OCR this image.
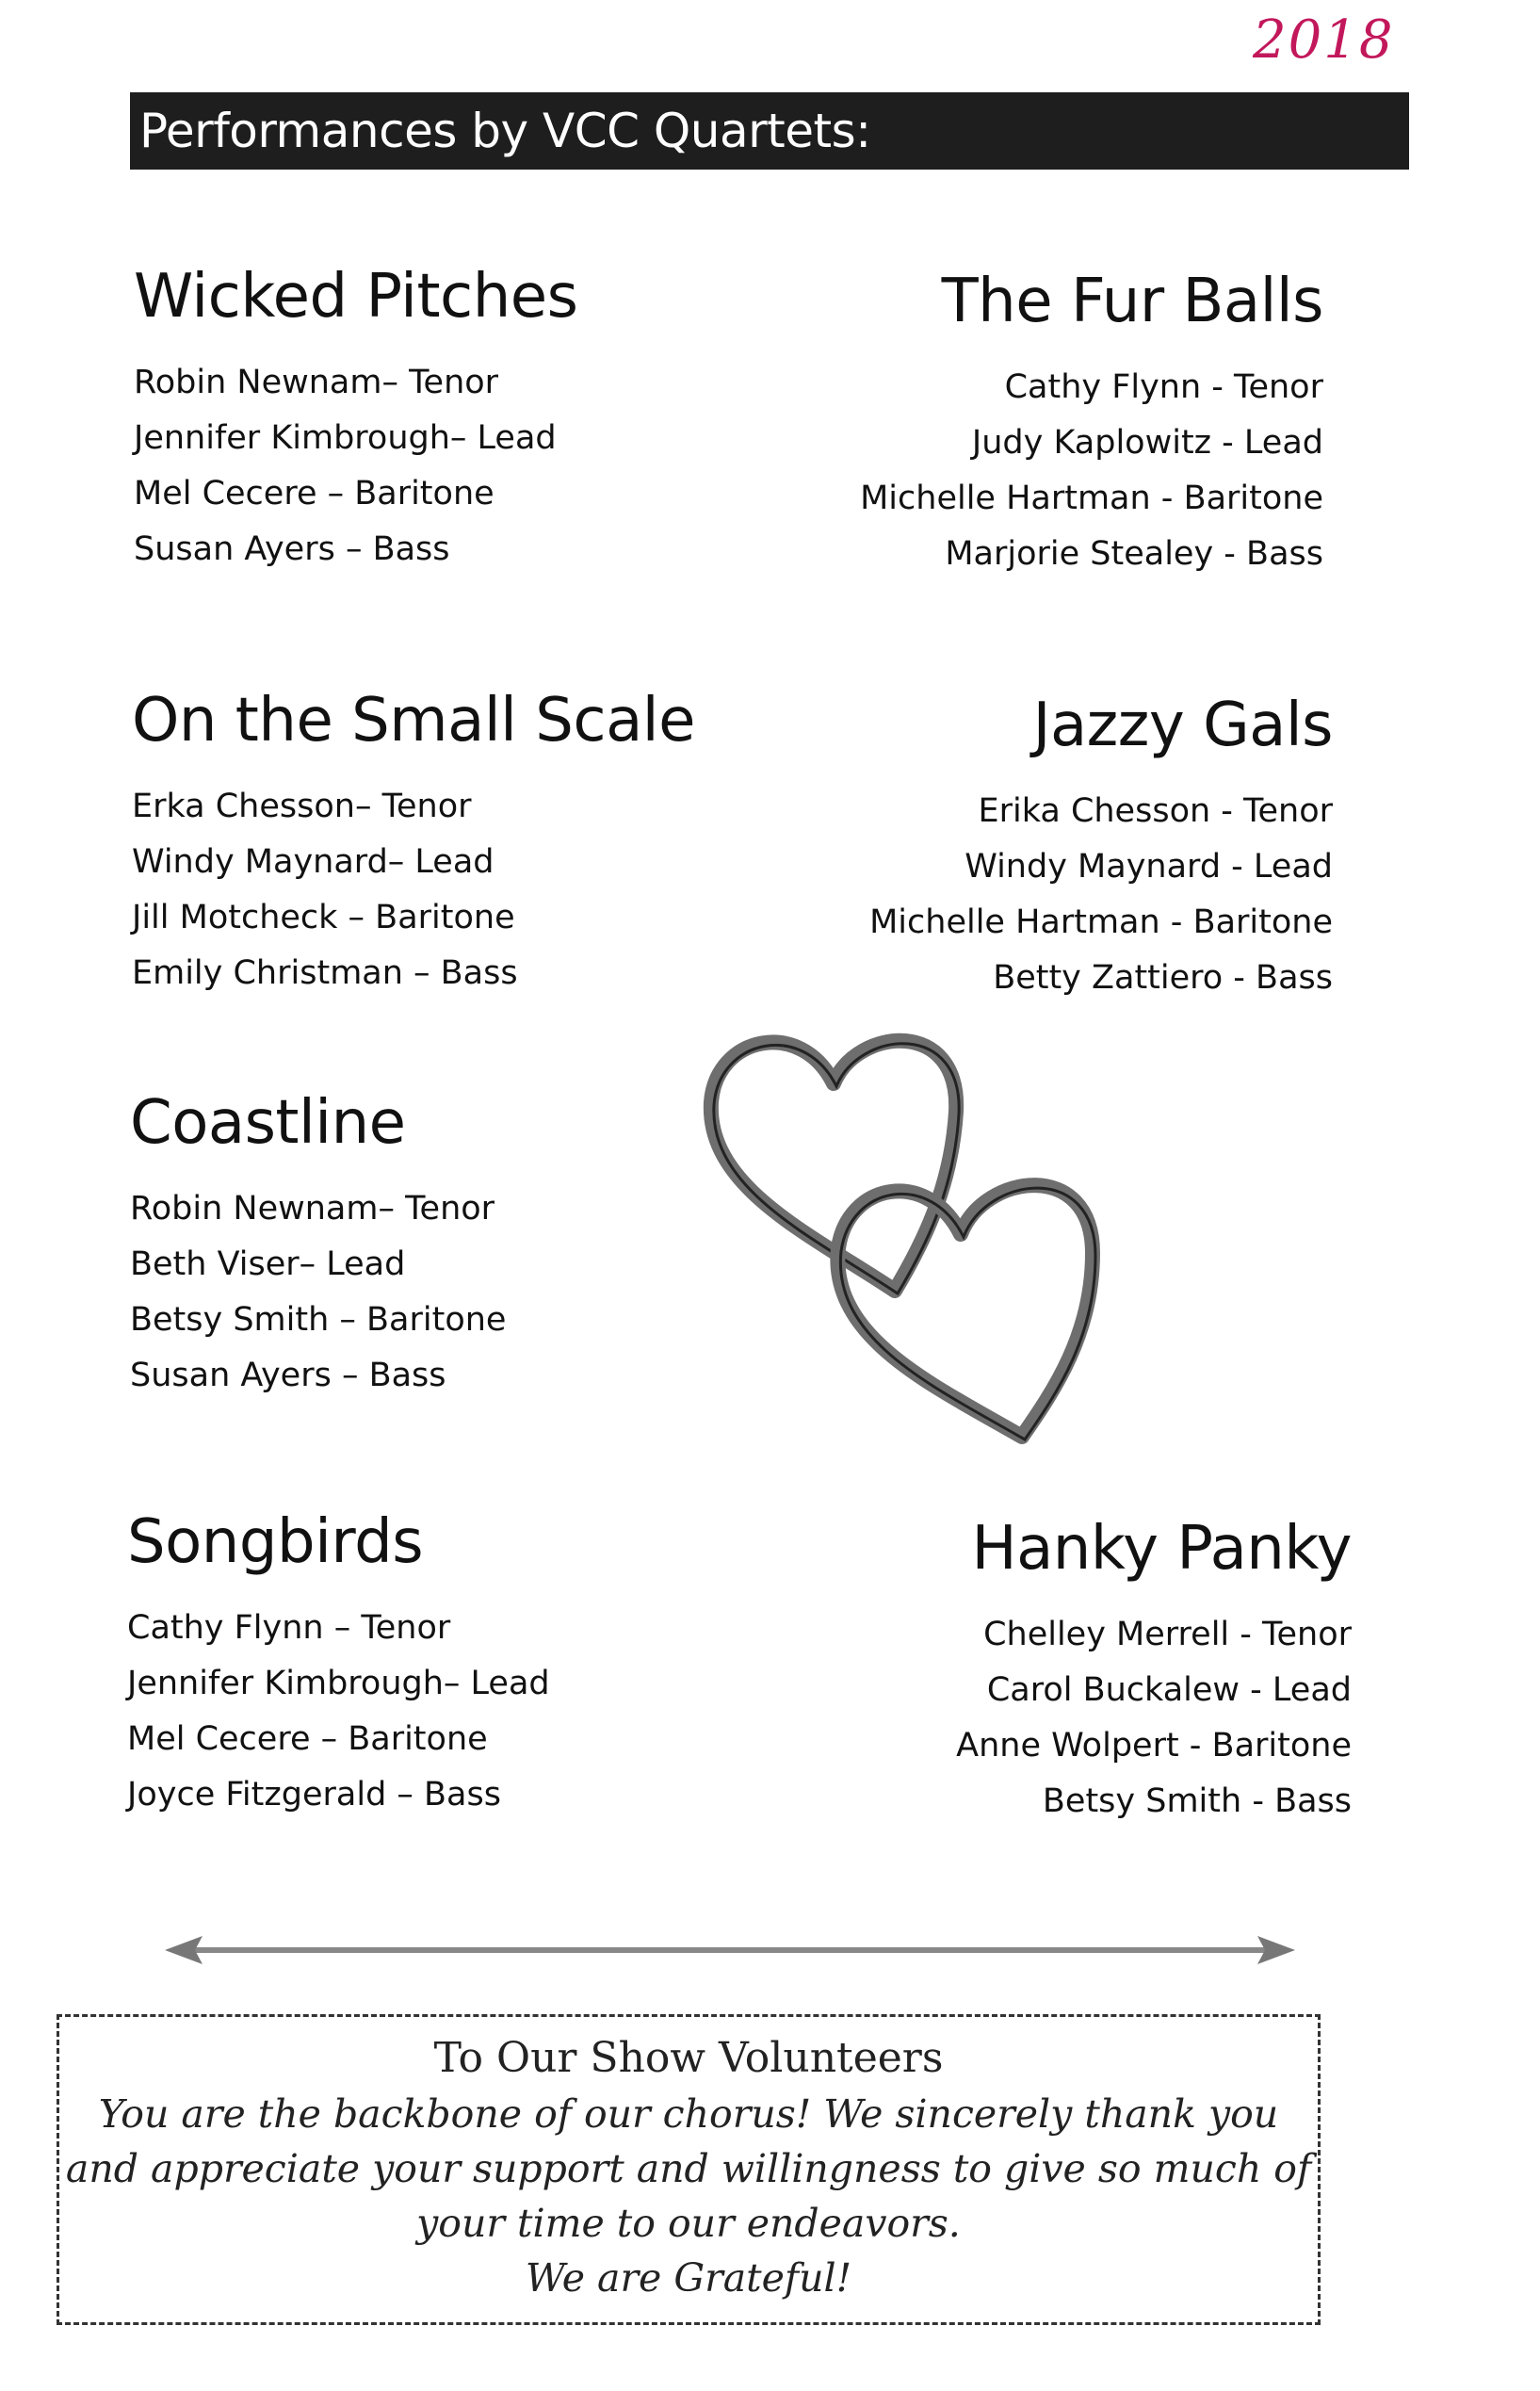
2018
Performances by VCC Quartets:
Wicked Pitches
Robin Newnam– Tenor
Jennifer Kimbrough– Lead
Mel Cecere – Baritone
Susan Ayers – Bass
The Fur Balls
Cathy Flynn - Tenor
Judy Kaplowitz - Lead
Michelle Hartman - Baritone
Marjorie Stealey - Bass
On the Small Scale
Erka Chesson– Tenor
Windy Maynard– Lead
Jill Motcheck – Baritone
Emily Christman – Bass
Jazzy Gals
Erika Chesson - Tenor
Windy Maynard - Lead
Michelle Hartman - Baritone
Betty Zattiero - Bass
Coastline
Robin Newnam– Tenor
Beth Viser– Lead
Betsy Smith – Baritone
Susan Ayers – Bass
Songbirds
Cathy Flynn – Tenor
Jennifer Kimbrough– Lead
Mel Cecere – Baritone
Joyce Fitzgerald – Bass
Hanky Panky
Chelley Merrell - Tenor
Carol Buckalew - Lead
Anne Wolpert - Baritone
Betsy Smith - Bass
To Our Show Volunteers
You are the backbone of our chorus! We sincerely thank you
and appreciate your support and willingness to give so much of
your time to our endeavors.
We are Grateful!
